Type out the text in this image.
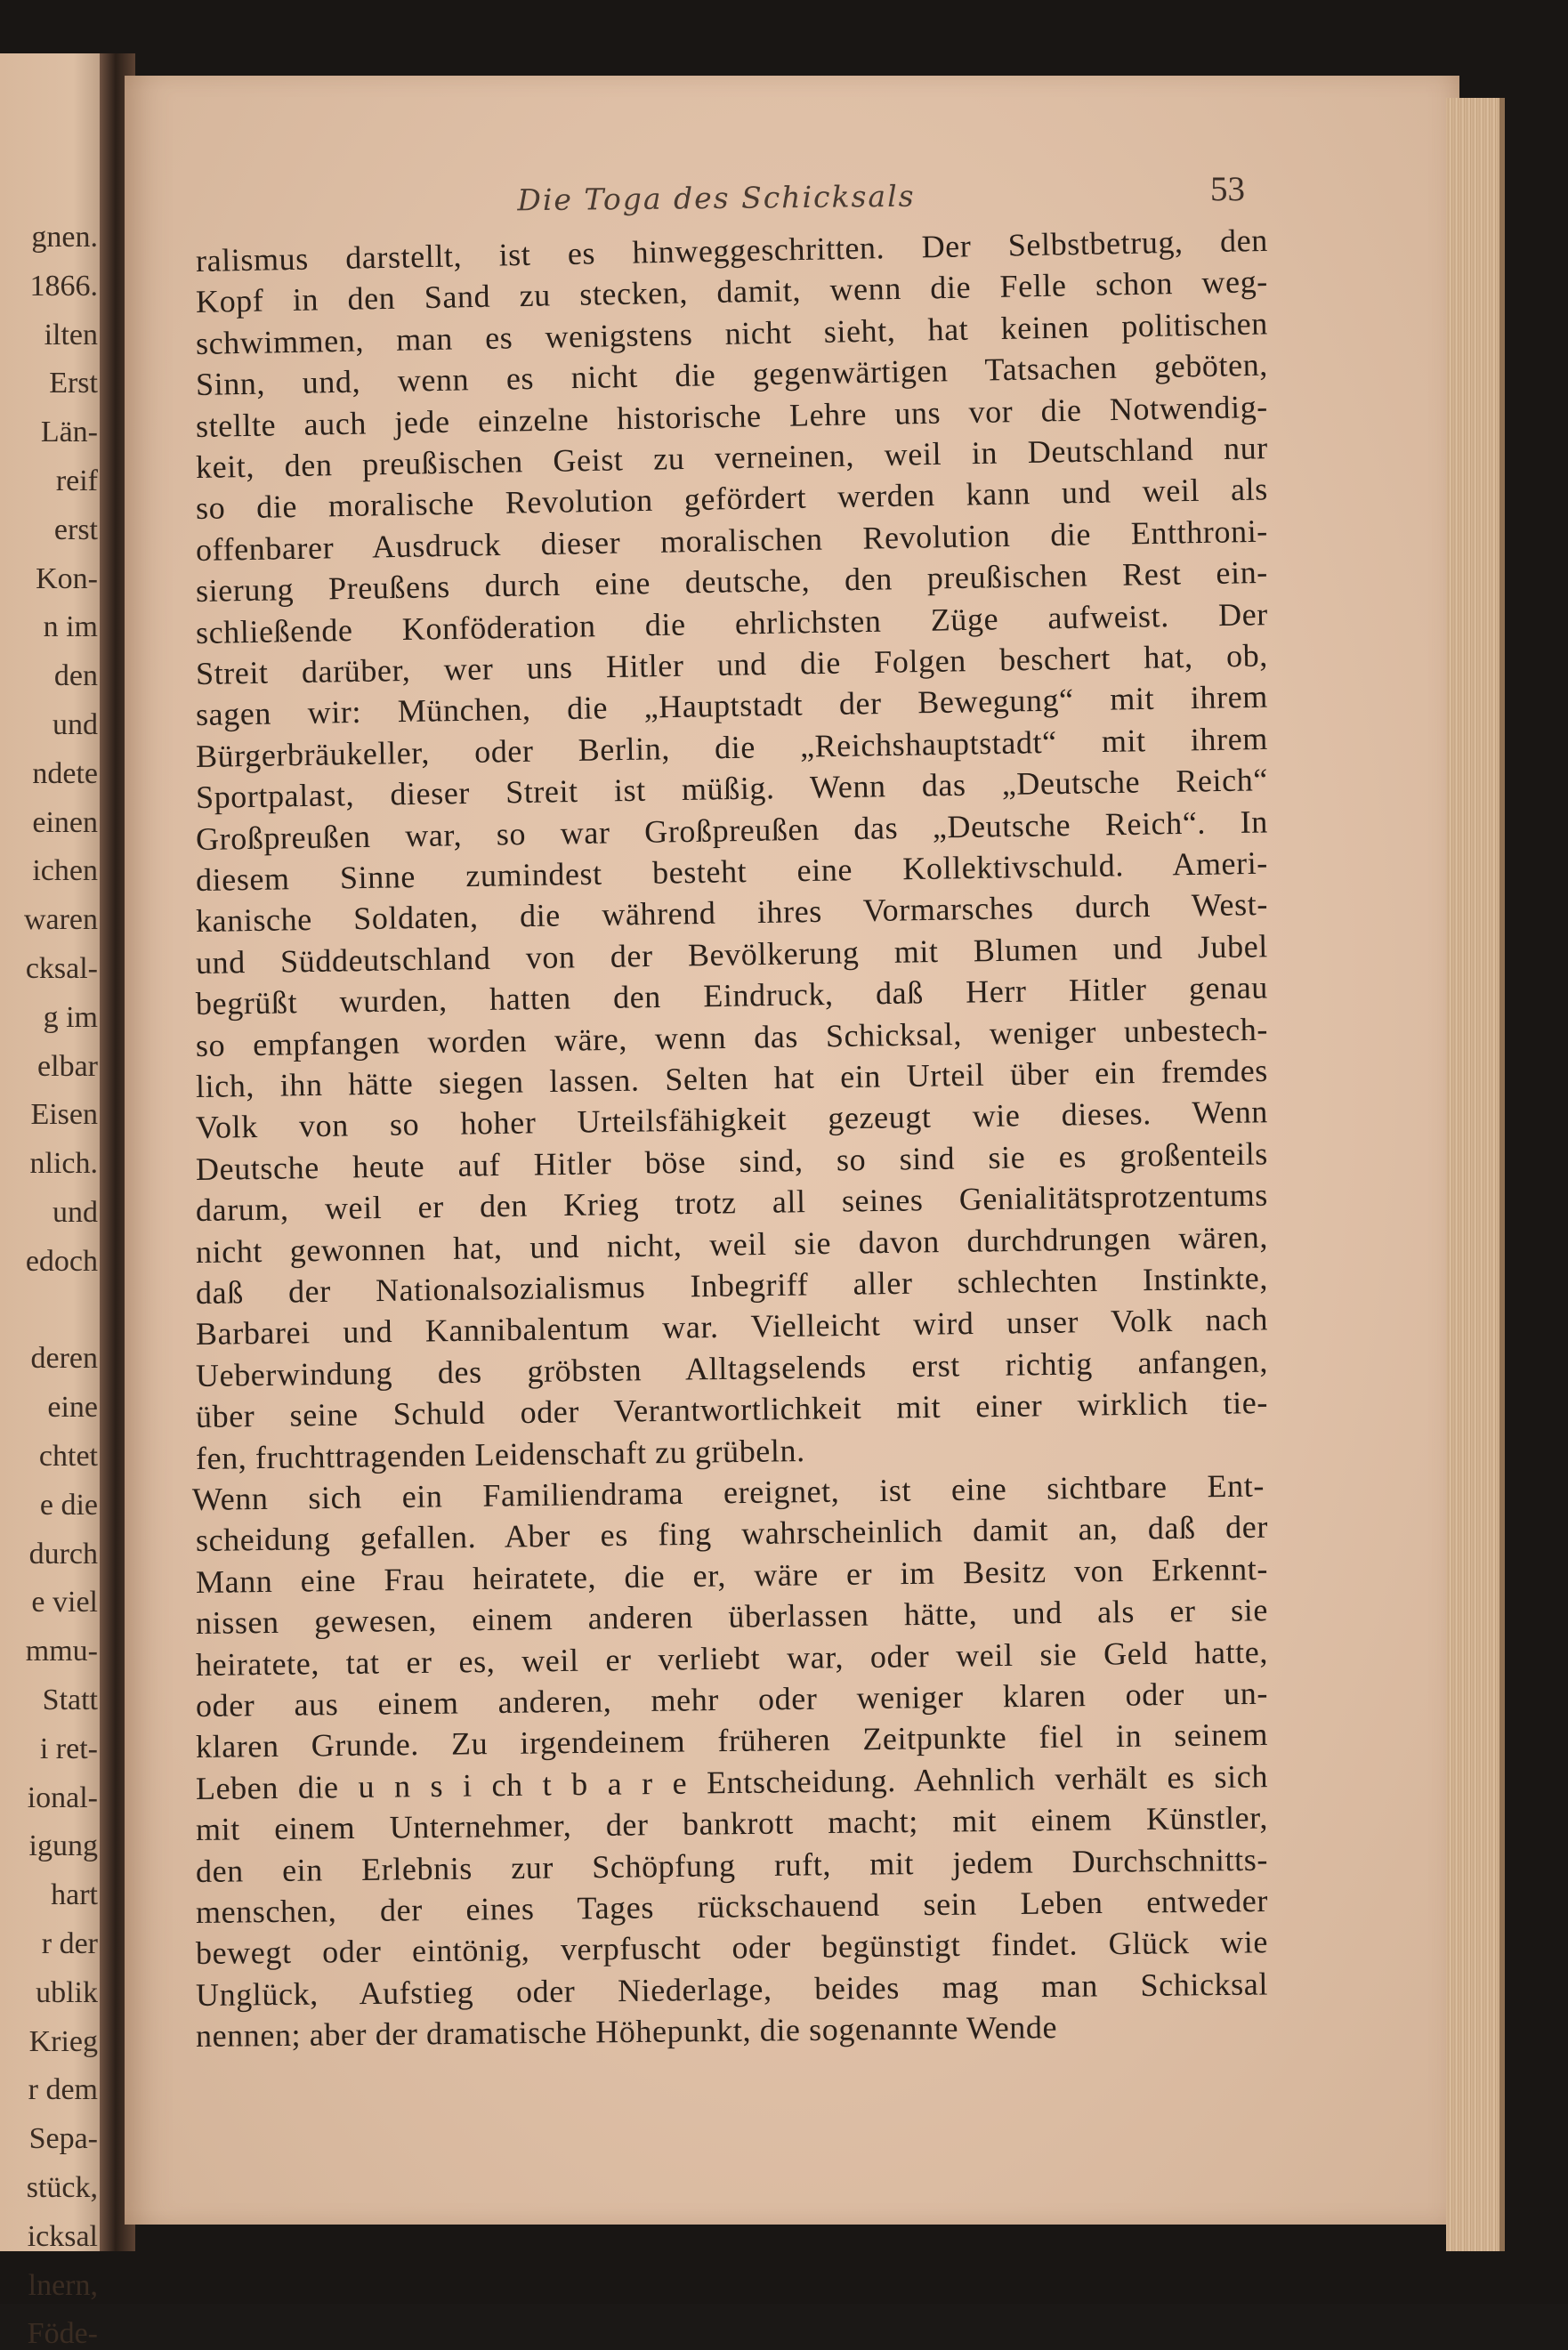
gnen.
1866.
ilten
Erst
Län-
reif
erst
Kon-
n im
den
und
ndete
einen
ichen
waren
cksal-
g im
elbar
Eisen
nlich.
und
edoch
deren
eine
chtet
e die
durch
e viel
mmu-
Statt
i ret-
ional-
igung
hart
r der
ublik
Krieg
r dem
Sepa-
stück,
icksal
lnern,
Föde-
Die Toga des Schicksals	53
ralismus darstellt, ist es hinweggeschritten. Der Selbstbetrug, den
Kopf in den Sand zu stecken, damit, wenn die Felle schon weg-
schwimmen, man es wenigstens nicht sieht, hat keinen politischen
Sinn, und, wenn es nicht die gegenwärtigen Tatsachen geböten,
stellte auch jede einzelne historische Lehre uns vor die Notwendig-
keit, den preußischen Geist zu verneinen, weil in Deutschland nur
so die moralische Revolution gefördert werden kann und weil als
offenbarer Ausdruck dieser moralischen Revolution die Entthroni-
sierung Preußens durch eine deutsche, den preußischen Rest ein-
schließende Konföderation die ehrlichsten Züge aufweist. Der
Streit darüber, wer uns Hitler und die Folgen beschert hat, ob,
sagen wir: München, die „Hauptstadt der Bewegung“ mit ihrem
Bürgerbräukeller, oder Berlin, die „Reichshauptstadt“ mit ihrem
Sportpalast, dieser Streit ist müßig. Wenn das „Deutsche Reich“
Großpreußen war, so war Großpreußen das „Deutsche Reich“. In
diesem Sinne zumindest besteht eine Kollektivschuld. Ameri-
kanische Soldaten, die während ihres Vormarsches durch West-
und Süddeutschland von der Bevölkerung mit Blumen und Jubel
begrüßt wurden, hatten den Eindruck, daß Herr Hitler genau
so empfangen worden wäre, wenn das Schicksal, weniger unbestech-
lich, ihn hätte siegen lassen. Selten hat ein Urteil über ein fremdes
Volk von so hoher Urteilsfähigkeit gezeugt wie dieses. Wenn
Deutsche heute auf Hitler böse sind, so sind sie es großenteils
darum, weil er den Krieg trotz all seines Genialitätsprotzentums
nicht gewonnen hat, und nicht, weil sie davon durchdrungen wären,
daß der Nationalsozialismus Inbegriff aller schlechten Instinkte,
Barbarei und Kannibalentum war. Vielleicht wird unser Volk nach
Ueberwindung des gröbsten Alltagselends erst richtig anfangen,
über seine Schuld oder Verantwortlichkeit mit einer wirklich tie-
fen, fruchttragenden Leidenschaft zu grübeln.
Wenn sich ein Familiendrama ereignet, ist eine sichtbare Ent-
scheidung gefallen. Aber es fing wahrscheinlich damit an, daß der
Mann eine Frau heiratete, die er, wäre er im Besitz von Erkennt-
nissen gewesen, einem anderen überlassen hätte, und als er sie
heiratete, tat er es, weil er verliebt war, oder weil sie Geld hatte,
oder aus einem anderen, mehr oder weniger klaren oder un-
klaren Grunde. Zu irgendeinem früheren Zeitpunkte fiel in seinem
Leben die u n s i ch t b a r e Entscheidung. Aehnlich verhält es sich
mit einem Unternehmer, der bankrott macht; mit einem Künstler,
den ein Erlebnis zur Schöpfung ruft, mit jedem Durchschnitts-
menschen, der eines Tages rückschauend sein Leben entweder
bewegt oder eintönig, verpfuscht oder begünstigt findet. Glück wie
Unglück, Aufstieg oder Niederlage, beides mag man Schicksal
nennen; aber der dramatische Höhepunkt, die sogenannte Wende
